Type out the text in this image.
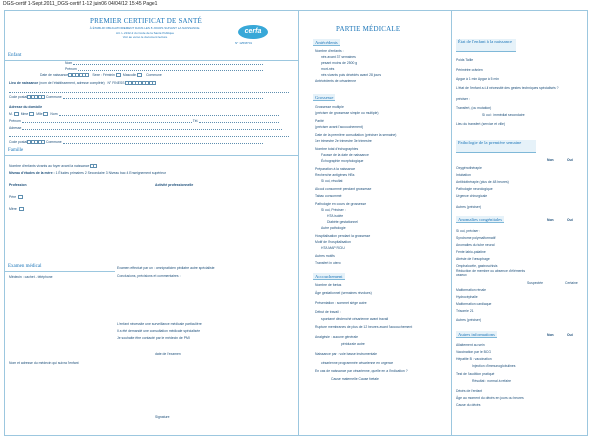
DGS-certif 1-Sept.2011_DGS-certif 1-12 juin06 04/04/12 15:45 Page1
PREMIER CERTIFICAT DE SANTÉ
À ÉTABLIR OBLIGATOIREMENT DANS LES 8 JOURS SUIVANT LA NAISSANCE.
Art. L.2132-2 du Code de la Santé Publique
Voir au verso le document lecture
cerfa
N° 12596*01
Enfant
Nom
Prénom
Date de naissance	Sexe : Féminin Masculin	Commune
Lieu de naissance (nom de l'établissement, adresse complète) N° FINESS
Code postal	Commune
Adresse du domicile
M. Mme Mlle Nom
Prénom	Tél.
Adresse
Code postal	Commune
Famille
Nombre d'enfants vivants au foyer avant la naissance
Niveau d'études de la mère : 1 Études primaires 2 Secondaire 3 Niveau bac 4 Enseignement supérieur
Profession	Activité professionnelle
Père
Mère
Examen médical
Médecin : cachet - téléphone
Examen effectué par un : omnipraticien pédiatre autre spécialiste
Conclusions, précisions et commentaires :
L'enfant nécessite une surveillance médicale particulière
Il a été demandé une consultation médicale spécialisée
Je souhaite être contacté par le médecin de PMI
date de l'examen
Nom et adresse du médecin qui suivra l'enfant
Signature
PARTIE MÉDICALE
Antécédents
Nombre d'enfants :
nés avant 37 semaines
pesant moins de 2500 g
mort-nés
nés vivants puis décédés avant 28 jours
Antécédents de césarienne
Grossesse
Grossesse multiple
(préciser de grossesse simple ou multiple)
Parité
(préciser avant l'accouchement)
Date de la première consultation (préciser la semaine)
1er trimestre 2e trimestre 3e trimestre
Nombre total d'échographies
Fausse de la date de naissance
Échographie morphologique
Préparation à la naissance
Recherche antigènes HBs
Si oui, résultat
Alcool consommé pendant grossesse
Tabac consommé
Pathologie en cours de grossesse
Si oui, Préciser :
HTA isolée
Diabète gestationnel
Autre pathologie
Hospitalisation pendant la grossesse
Motif de l'hospitalisation
HTA MAP RCIU
Autres motifs
Transfert in utero
Accouchement
Nombre de fœtus
Âge gestationnel (semaines révolues)
Présentation : sommet siège autre
Début de travail :
spontané déclenché césarienne avant travail
Rupture membranes de plus de 12 heures avant l'accouchement
Analgésie : aucune générale
péridurale autre
Naissance par : voie basse instrumentale
césarienne programmée césarienne en urgence
En cas de naissance par césarienne, quelle en a l'indication ?
Cause maternelle Cause fœtale
État de l'enfant à la naissance
Poids Taille
Périmètre crânien
Apgar à 1 min Apgar à 5 min
L'état de l'enfant a-t-il nécessité des gestes techniques spécialisés ?
préciser :
Transfert, (ou mutation)
Si oui : immédiat secondaire
Lieu du transfert (service et ville)
Pathologie de la première semaine
Non	Oui
Oxygénothérapie
Intubation
Antibiothérapie (plus de 48 heures)
Pathologie neurologique
Urgence chirurgicale
Autres (préciser)
Anomalies congénitales	Non	Oui
Si oui, préciser :
Syndrome polymalformatif
Anomalies du tube neural
Fente labio-palatine
Atrésie de l'œsophage
Omphalocèle, gastroschisis
Réduction de membre ou absence d'éléments osseux
Suspectée	Certaine
Malformation rénale
Hydrocéphalie
Malformation cardiaque
Trisomie 21
Autres (préciser)
Autres informations	Non	Oui
Allaitement au sein
Vaccination par le BCG
Hépatite B : vaccination
Injection d'immunoglobulines
Test de l'audition pratiqué
Résultat : normal à refaire
Décès de l'enfant
Âge au moment du décès en jours ou heures
Cause du décès
